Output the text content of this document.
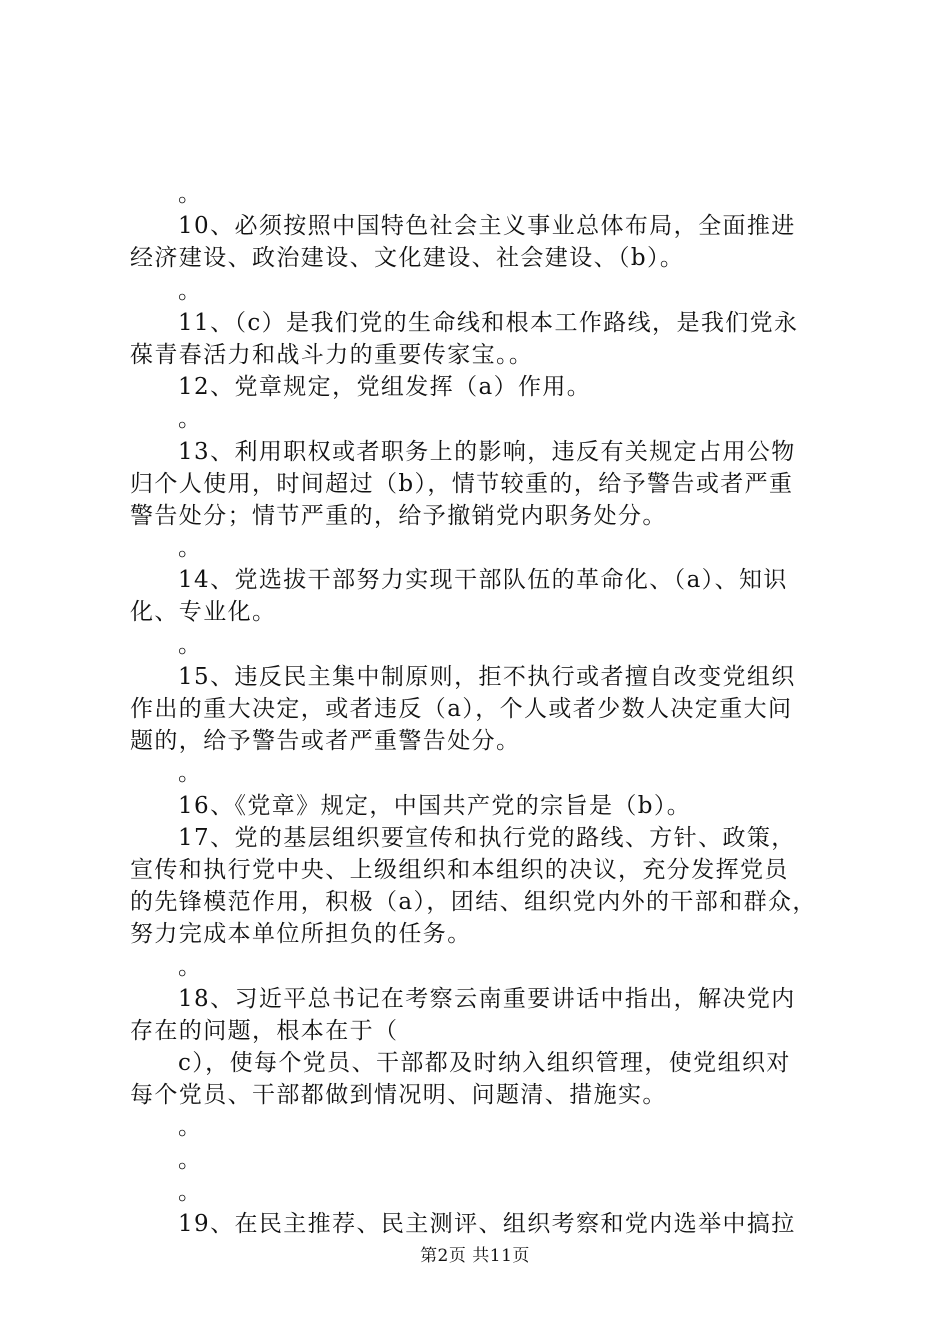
。
10、必须按照中国特色社会主义事业总体布局，全面推进
经济建设、政治建设、文化建设、社会建设、（b）。
。
11、（c）是我们党的生命线和根本工作路线，是我们党永
葆青春活力和战斗力的重要传家宝。。
12、党章规定，党组发挥（a）作用。
。
13、利用职权或者职务上的影响，违反有关规定占用公物
归个人使用，时间超过（b），情节较重的，给予警告或者严重
警告处分；情节严重的，给予撤销党内职务处分。
。
14、党选拔干部努力实现干部队伍的革命化、（a）、知识
化、专业化。
。
15、违反民主集中制原则，拒不执行或者擅自改变党组织
作出的重大决定，或者违反（a），个人或者少数人决定重大问
题的，给予警告或者严重警告处分。
。
16、《党章》规定，中国共产党的宗旨是（b）。
17、党的基层组织要宣传和执行党的路线、方针、政策，
宣传和执行党中央、上级组织和本组织的决议，充分发挥党员
的先锋模范作用，积极（a），团结、组织党内外的干部和群众，
努力完成本单位所担负的任务。
。
18、习近平总书记在考察云南重要讲话中指出，解决党内
存在的问题，根本在于（
c），使每个党员、干部都及时纳入组织管理，使党组织对
每个党员、干部都做到情况明、问题清、措施实。
。
。
。
19、在民主推荐、民主测评、组织考察和党内选举中搞拉
第2页 共11页
